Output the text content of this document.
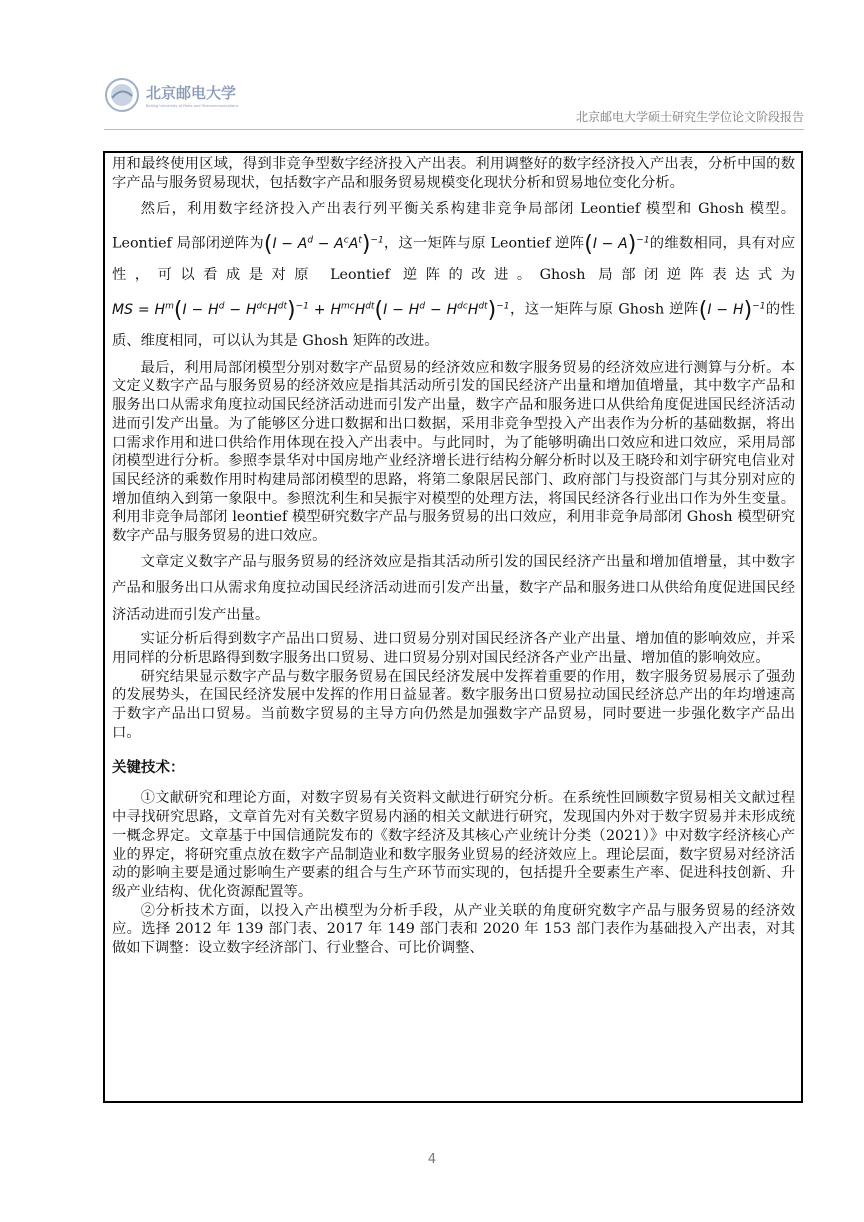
北京邮电大学
Beijing University of Posts and Telecommunications
北京邮电大学硕士研究生学位论文阶段报告

用和最终使用区域，得到非竞争型数字经济投入产出表。利用调整好的数字经济投入产出表，分析中国的数字产品与服务贸易现状，包括数字产品和服务贸易规模变化现状分析和贸易地位变化分析。

然后，利用数字经济投入产出表行列平衡关系构建非竞争局部闭 Leontief 模型和 Ghosh 模型。Leontief 局部闭逆阵为$(I - A^d - A^cA^t)^{-1}$，这一矩阵与原 Leontief 逆阵$(I - A)^{-1}$的维数相同，具有对应性，可以看成是对原 Leontief 逆阵的改进。Ghosh 局部闭逆阵表达式为MS = $H^m(I - H^d - H^{dc}H^{dt})^{-1} + H^{mc}H^{dt}(I - H^d - H^{dc}H^{dt})^{-1}$，这一矩阵与原 Ghosh 逆阵$(I - H)^{-1}$的性质、维度相同，可以认为其是 Ghosh 矩阵的改进。

最后，利用局部闭模型分别对数字产品贸易的经济效应和数字服务贸易的经济效应进行测算与分析。本文定义数字产品与服务贸易的经济效应是指其活动所引发的国民经济产出量和增加值增量，其中数字产品和服务出口从需求角度拉动国民经济活动进而引发产出量，数字产品和服务进口从供给角度促进国民经济活动进而引发产出量。为了能够区分进口数据和出口数据，采用非竞争型投入产出表作为分析的基础数据，将出口需求作用和进口供给作用体现在投入产出表中。与此同时，为了能够明确出口效应和进口效应，采用局部闭模型进行分析。参照李景华对中国房地产业经济增长进行结构分解分析时以及王晓玲和刘宇研究电信业对国民经济的乘数作用时构建局部闭模型的思路，将第二象限居民部门、政府部门与投资部门与其分别对应的增加值纳入到第一象限中。参照沈利生和吴振宇对模型的处理方法，将国民经济各行业出口作为外生变量。利用非竞争局部闭 leontief 模型研究数字产品与服务贸易的出口效应，利用非竞争局部闭 Ghosh 模型研究数字产品与服务贸易的进口效应。

文章定义数字产品与服务贸易的经济效应是指其活动所引发的国民经济产出量和增加值增量，其中数字产品和服务出口从需求角度拉动国民经济活动进而引发产出量，数字产品和服务进口从供给角度促进国民经济活动进而引发产出量。

实证分析后得到数字产品出口贸易、进口贸易分别对国民经济各产业产出量、增加值的影响效应，并采用同样的分析思路得到数字服务出口贸易、进口贸易分别对国民经济各产业产出量、增加值的影响效应。

研究结果显示数字产品与数字服务贸易在国民经济发展中发挥着重要的作用，数字服务贸易展示了强劲的发展势头，在国民经济发展中发挥的作用日益显著。数字服务出口贸易拉动国民经济总产出的年均增速高于数字产品出口贸易。当前数字贸易的主导方向仍然是加强数字产品贸易，同时要进一步强化数字产品出口。

关键技术：

①文献研究和理论方面，对数字贸易有关资料文献进行研究分析。在系统性回顾数字贸易相关文献过程中寻找研究思路，文章首先对有关数字贸易内涵的相关文献进行研究，发现国内外对于数字贸易并未形成统一概念界定。文章基于中国信通院发布的《数字经济及其核心产业统计分类（2021）》中对数字经济核心产业的界定，将研究重点放在数字产品制造业和数字服务业贸易的经济效应上。理论层面，数字贸易对经济活动的影响主要是通过影响生产要素的组合与生产环节而实现的，包括提升全要素生产率、促进科技创新、升级产业结构、优化资源配置等。

②分析技术方面，以投入产出模型为分析手段，从产业关联的角度研究数字产品与服务贸易的经济效应。选择 2012 年 139 部门表、2017 年 149 部门表和 2020 年 153 部门表作为基础投入产出表，对其做如下调整：设立数字经济部门、行业整合、可比价调整、

4
